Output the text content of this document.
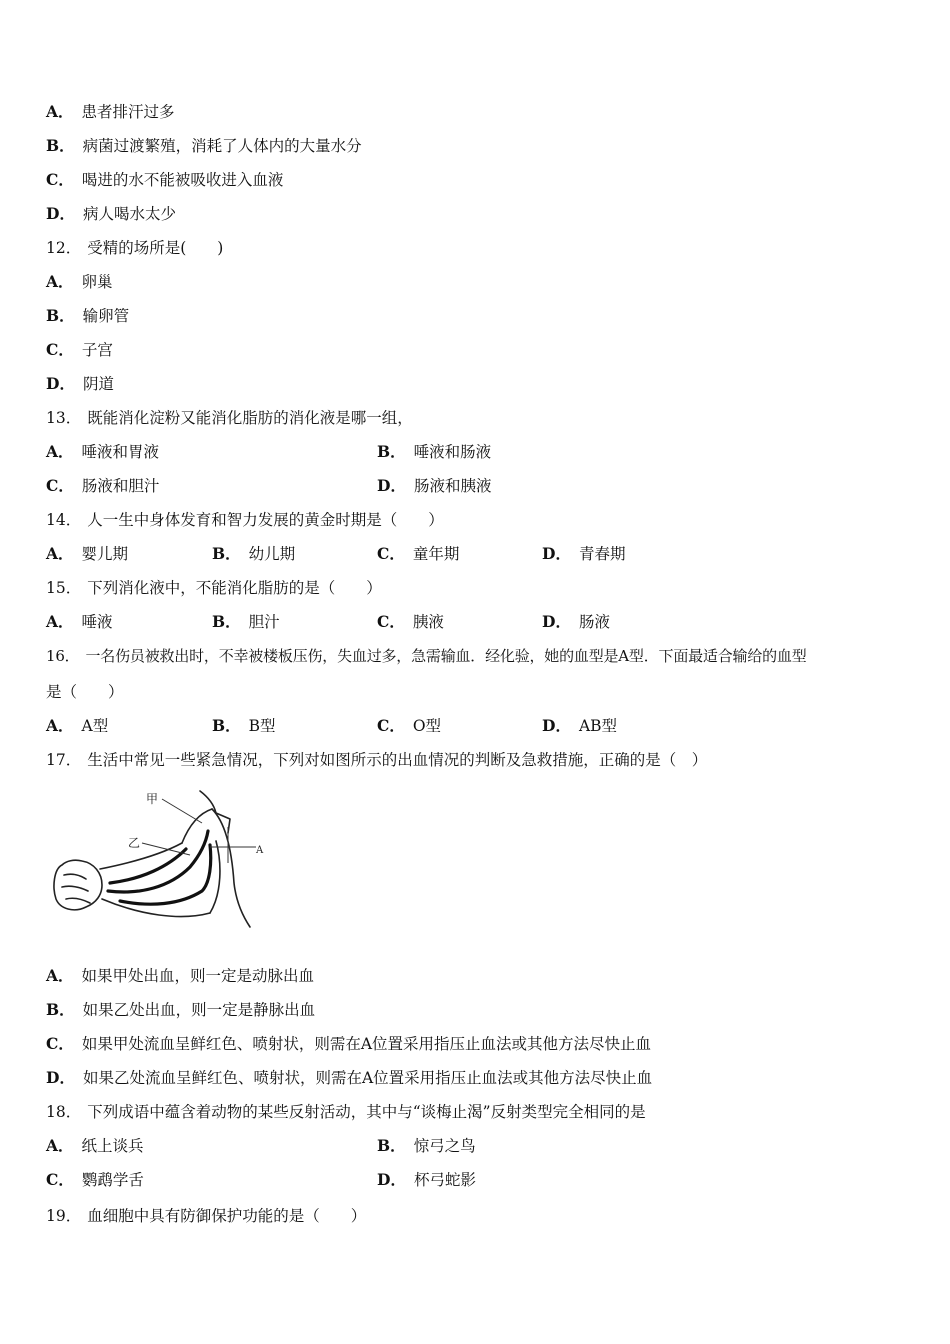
A． 患者排汗过多
B． 病菌过渡繁殖，消耗了人体内的大量水分
C． 喝进的水不能被吸收进入血液
D． 病人喝水太少
12． 受精的场所是(　　)
A． 卵巢
B． 输卵管
C． 子宫
D． 阴道
13． 既能消化淀粉又能消化脂肪的消化液是哪一组，
A． 唾液和胃液	B． 唾液和肠液
C． 肠液和胆汁	D． 肠液和胰液
14． 人一生中身体发育和智力发展的黄金时期是（　　）
A． 婴儿期	B． 幼儿期	C． 童年期	D． 青春期
15． 下列消化液中，不能消化脂肪的是（　　）
A． 唾液	B． 胆汁	C． 胰液	D． 肠液
16． 一名伤员被救出时，不幸被楼板压伤，失血过多，急需输血．经化验，她的血型是A型．下面最适合输给的血型
是（　　）
A． A型	B． B型	C． O型	D． AB型
17． 生活中常见一些紧急情况，下列对如图所示的出血情况的判断及急救措施，正确的是（　）
甲
乙
A
A． 如果甲处出血，则一定是动脉出血
B． 如果乙处出血，则一定是静脉出血
C． 如果甲处流血呈鲜红色、喷射状，则需在A位置采用指压止血法或其他方法尽快止血
D． 如果乙处流血呈鲜红色、喷射状，则需在A位置采用指压止血法或其他方法尽快止血
18． 下列成语中蕴含着动物的某些反射活动，其中与“谈梅止渴”反射类型完全相同的是
A． 纸上谈兵	B． 惊弓之鸟
C． 鹦鹉学舌	D． 杯弓蛇影
19． 血细胞中具有防御保护功能的是（　　）
